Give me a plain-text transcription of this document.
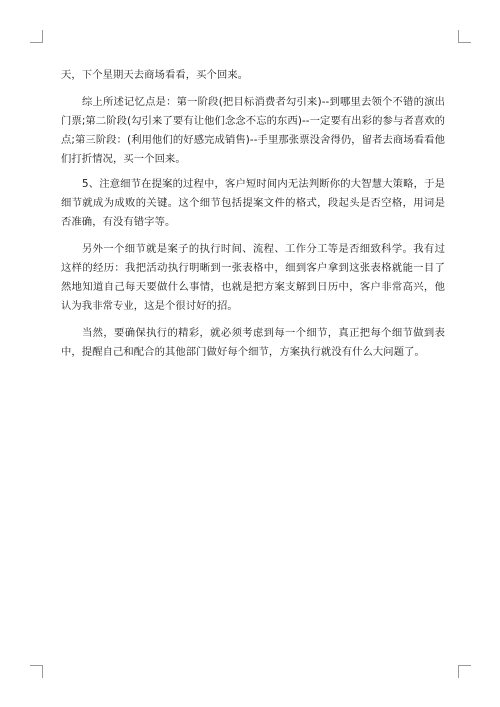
天，下个星期天去商场看看，买个回来。

综上所述记忆点是：第一阶段(把目标消费者勾引来)--到哪里去领个不错的演出门票;第二阶段(勾引来了要有让他们念念不忘的东西)--一定要有出彩的参与者喜欢的点;第三阶段：(利用他们的好感完成销售)--手里那张票没舍得仍，留者去商场看看他们打折情况，买一个回来。

5、注意细节在提案的过程中，客户短时间内无法判断你的大智慧大策略，于是细节就成为成败的关键。这个细节包括提案文件的格式，段起头是否空格，用词是否准确，有没有错字等。

另外一个细节就是案子的执行时间、流程、工作分工等是否细致科学。我有过这样的经历：我把活动执行明晰到一张表格中，细到客户拿到这张表格就能一目了然地知道自己每天要做什么事情，也就是把方案支解到日历中，客户非常高兴，他认为我非常专业，这是个很讨好的招。

当然，要确保执行的精彩，就必须考虑到每一个细节，真正把每个细节做到表中，提醒自己和配合的其他部门做好每个细节，方案执行就没有什么大问题了。
